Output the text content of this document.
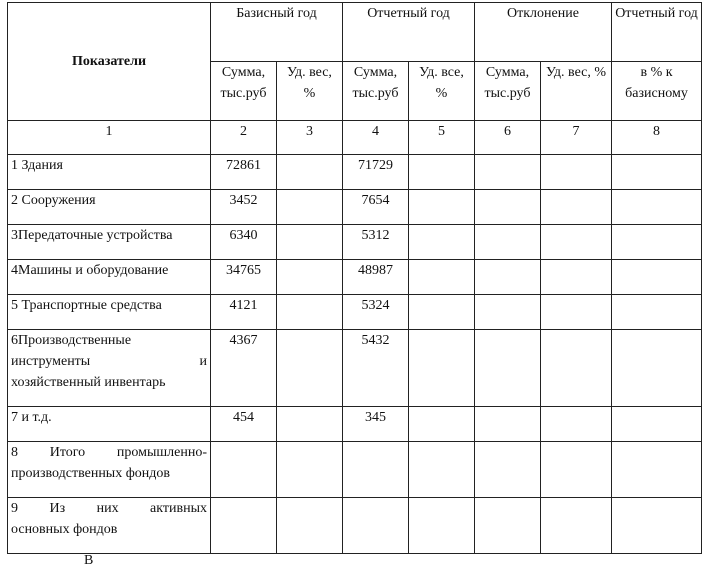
Показатели	Базисный год		Отчетный год		Отклонение		Отчетный год
	Сумма, тыс.руб	Уд. вес, %	Сумма, тыс.руб	Уд. все, %	Сумма, тыс.руб	Уд. вес, %	в % к базисному
1	2	3	4	5	6	7	8
1 Здания	72861		71729				
2 Сооружения	3452		7654				
3Передаточные устройства	6340		5312				
4Машины и оборудование	34765		48987				
5 Транспортные средства	4121		5324				

6Производственные
инструменты и
хозяйственный инвентарь	4367		5432				
7 и т.д.	454		345				

8 Итого промышленно-
производственных фондов							

9 Из них активных
основных фондов							

В
